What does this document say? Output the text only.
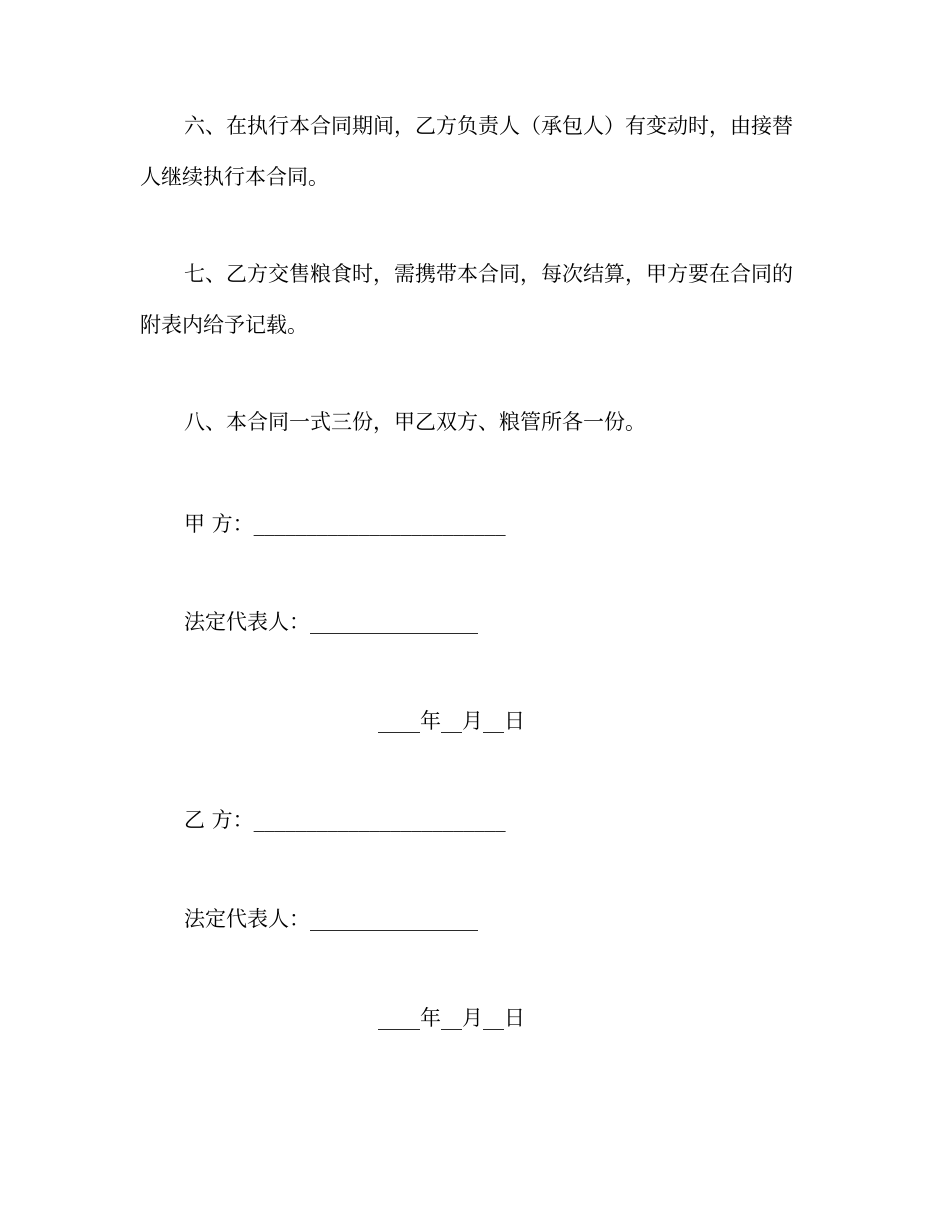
六、在执行本合同期间，乙方负责人（承包人）有变动时，由接替人继续执行本合同。

七、乙方交售粮食时，需携带本合同，每次结算，甲方要在合同的附表内给予记载。

八、本合同一式三份，甲乙双方、粮管所各一份。

甲 方：________________________
法定代表人：________________
____年__月__日
乙 方：________________________
法定代表人：________________
____年__月__日
